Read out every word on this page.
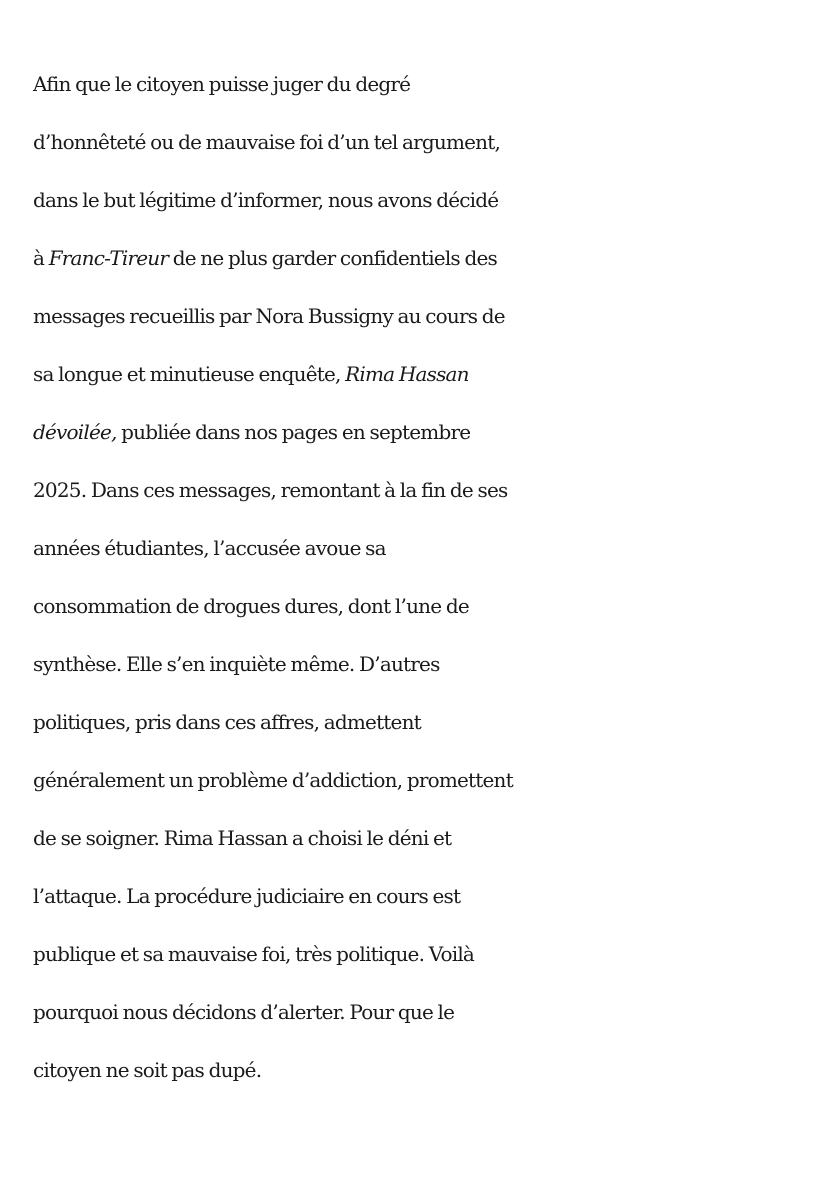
Afin que le citoyen puisse juger du degré
d’honnêteté ou de mauvaise foi d’un tel argument,
dans le but légitime d’informer, nous avons décidé
à Franc-Tireur de ne plus garder confidentiels des
messages recueillis par Nora Bussigny au cours de
sa longue et minutieuse enquête, Rima Hassan
dévoilée, publiée dans nos pages en septembre
2025. Dans ces messages, remontant à la fin de ses
années étudiantes, l’accusée avoue sa
consommation de drogues dures, dont l’une de
synthèse. Elle s’en inquiète même. D’autres
politiques, pris dans ces affres, admettent
généralement un problème d’addiction, promettent
de se soigner. Rima Hassan a choisi le déni et
l’attaque. La procédure judiciaire en cours est
publique et sa mauvaise foi, très politique. Voilà
pourquoi nous décidons d’alerter. Pour que le
citoyen ne soit pas dupé.
